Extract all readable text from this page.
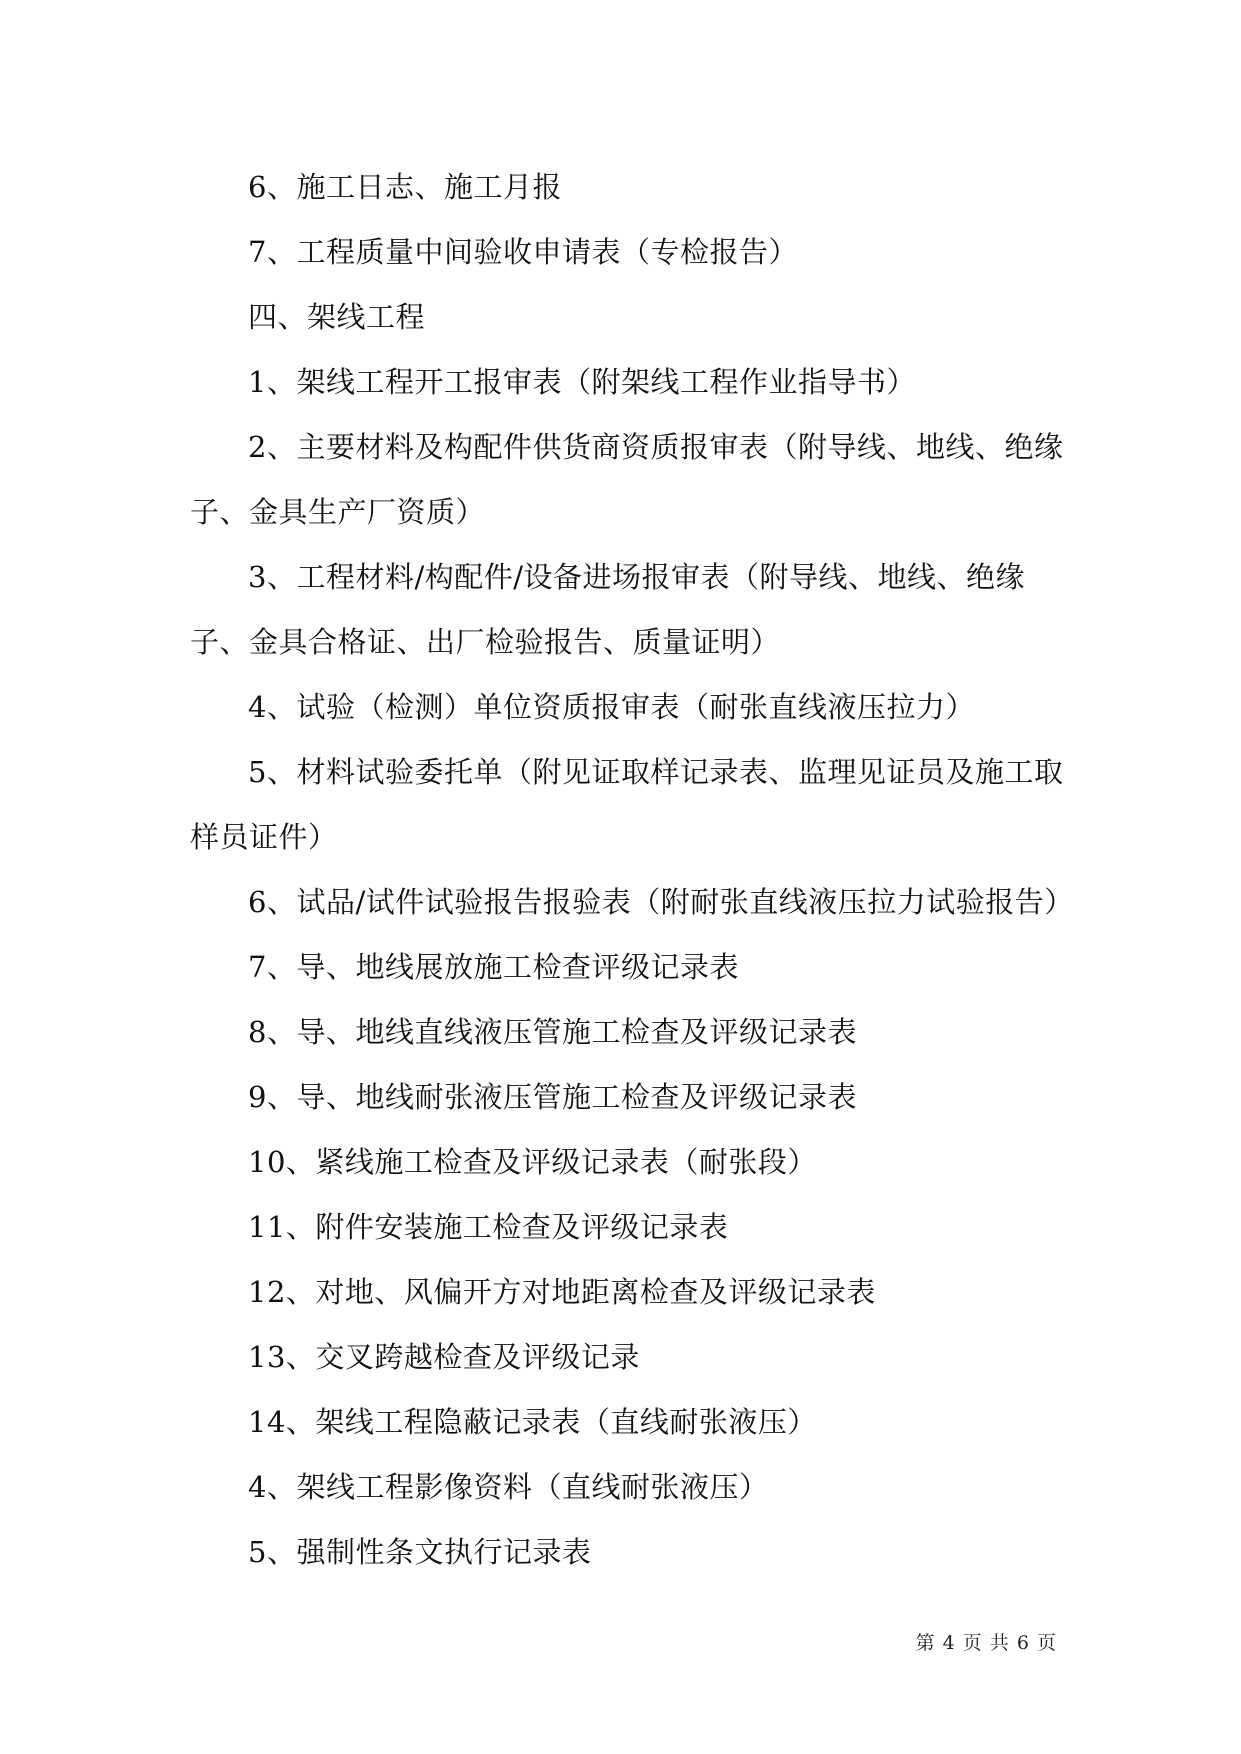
6、施工日志、施工月报

7、工程质量中间验收申请表（专检报告）

四、架线工程

1、架线工程开工报审表（附架线工程作业指导书）

2、主要材料及构配件供货商资质报审表（附导线、地线、绝缘子、金具生产厂资质）

3、工程材料/构配件/设备进场报审表（附导线、地线、绝缘子、金具合格证、出厂检验报告、质量证明）

4、试验（检测）单位资质报审表（耐张直线液压拉力）

5、材料试验委托单（附见证取样记录表、监理见证员及施工取样员证件）

6、试品/试件试验报告报验表（附耐张直线液压拉力试验报告）

7、导、地线展放施工检查评级记录表

8、导、地线直线液压管施工检查及评级记录表

9、导、地线耐张液压管施工检查及评级记录表

10、紧线施工检查及评级记录表（耐张段）

11、附件安装施工检查及评级记录表

12、对地、风偏开方对地距离检查及评级记录表

13、交叉跨越检查及评级记录

14、架线工程隐蔽记录表（直线耐张液压）

4、架线工程影像资料（直线耐张液压）

5、强制性条文执行记录表

第 4 页 共 6 页
